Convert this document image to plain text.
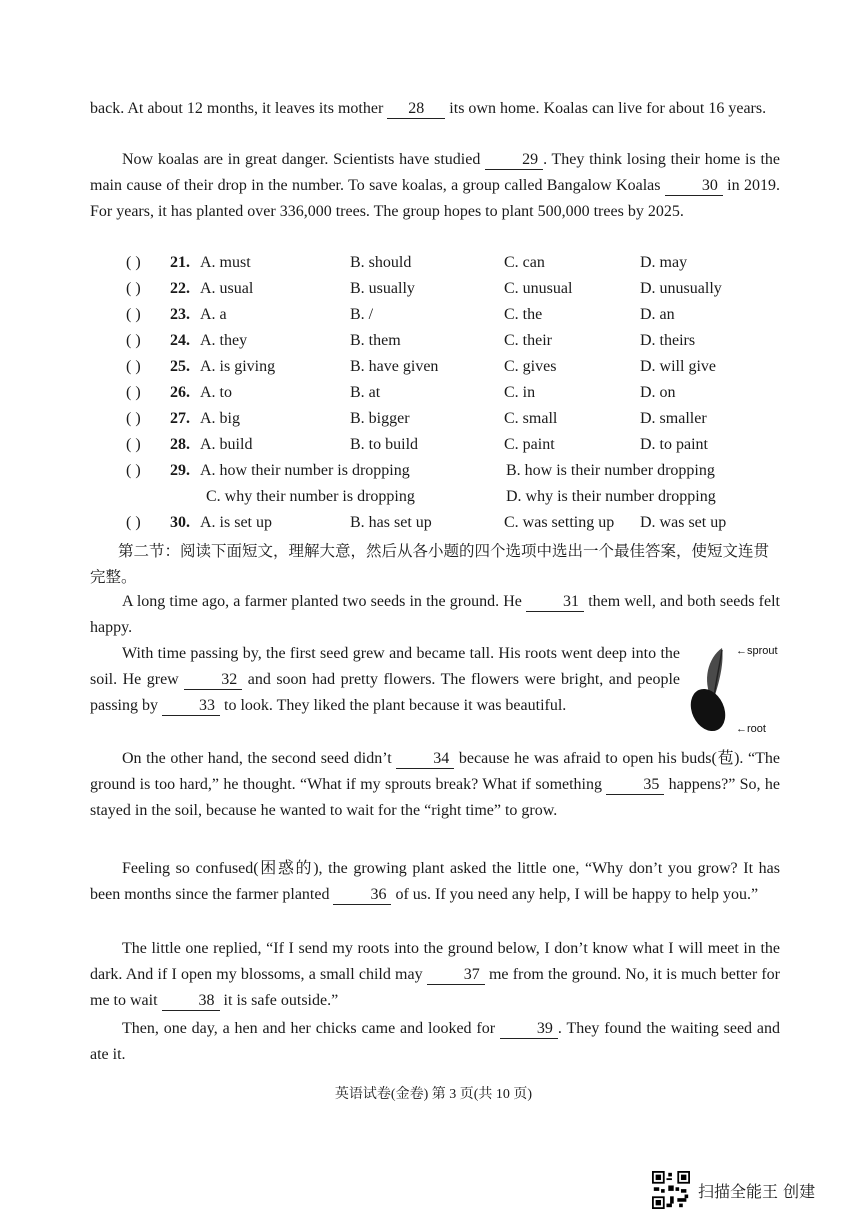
back. At about 12 months, it leaves its mother 28 its own home. Koalas can live for about 16 years.
Now koalas are in great danger. Scientists have studied 29 . They think losing their home is the main cause of their drop in the number. To save koalas, a group called Bangalow Koalas 30 in 2019. For years, it has planted over 336,000 trees. The group hopes to plant 500,000 trees by 2025.
( ) 21. A. must	B. should	C. can	D. may
( ) 22. A. usual	B. usually	C. unusual	D. unusually
( ) 23. A. a	B. /	C. the	D. an
( ) 24. A. they	B. them	C. their	D. theirs
( ) 25. A. is giving	B. have given	C. gives	D. will give
( ) 26. A. to	B. at	C. in	D. on
( ) 27. A. big	B. bigger	C. small	D. smaller
( ) 28. A. build	B. to build	C. paint	D. to paint
( ) 29. A. how their number is dropping	B. how is their number dropping
C. why their number is dropping	D. why is their number dropping
( ) 30. A. is set up	B. has set up	C. was setting up D. was set up
第二节：阅读下面短文，理解大意，然后从各小题的四个选项中选出一个最佳答案，使短文连贯完整。
A long time ago, a farmer planted two seeds in the ground. He 31 them well, and both seeds felt happy.
With time passing by, the first seed grew and became tall. His roots went deep into the soil. He grew 32 and soon had pretty flowers. The flowers were bright, and people passing by 33 to look. They liked the plant because it was beautiful.
On the other hand, the second seed didn’t 34 because he was afraid to open his buds(苞). “The ground is too hard,” he thought. “What if my sprouts break? What if something 35 happens?” So, he stayed in the soil, because he wanted to wait for the “right time” to grow.
Feeling so confused(困惑的), the growing plant asked the little one, “Why don’t you grow? It has been months since the farmer planted 36 of us. If you need any help, I will be happy to help you.”
The little one replied, “If I send my roots into the ground below, I don’t know what I will meet in the dark. And if I open my blossoms, a small child may 37 me from the ground. No, it is much better for me to wait 38 it is safe outside.”
Then, one day, a hen and her chicks came and looked for 39 . They found the waiting seed and ate it.
←sprout
←root
英语试卷(金卷) 第 3 页(共 10 页)
扫描全能王 创建
